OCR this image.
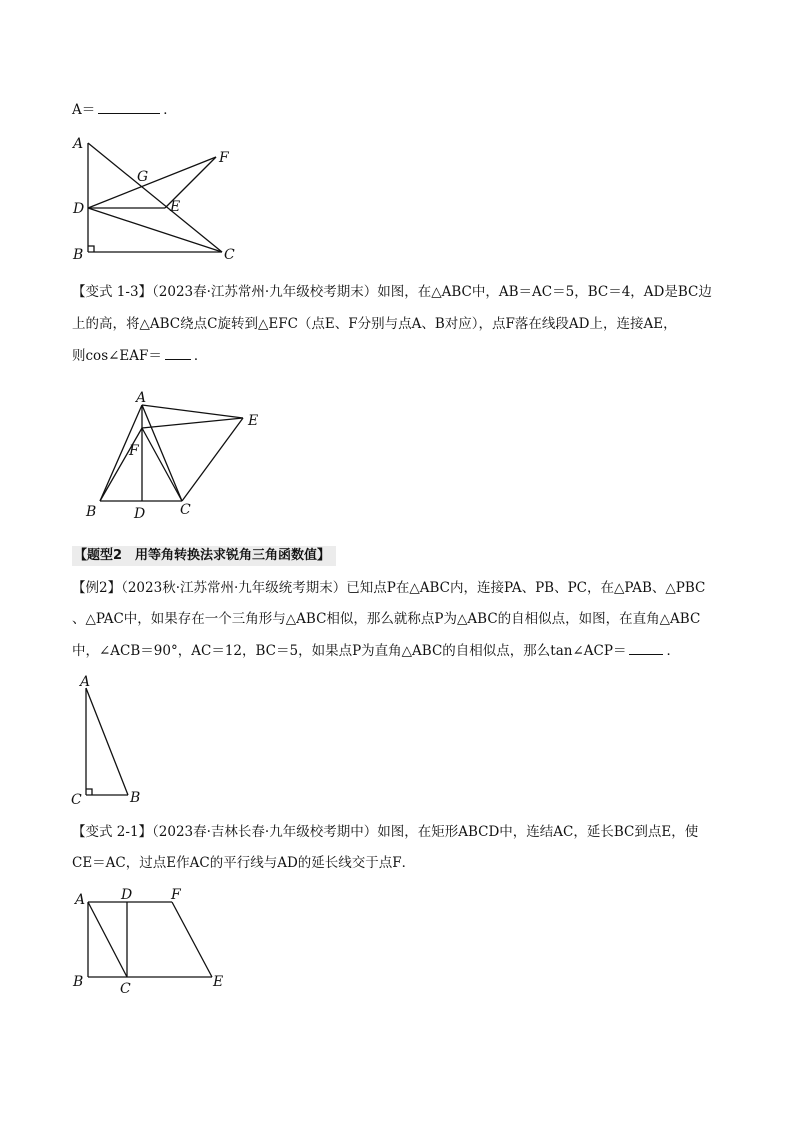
A＝	．
A
B	C
D	E
F
G
【变式 1-3】（2023春·江苏常州·九年级校考期末）如图，在△ABC中，AB＝AC＝5，BC＝4，AD是BC边
上的高，将△ABC绕点C旋转到△EFC（点E、F分别与点A、B对应），点F落在线段AD上，连接AE，
则cos∠EAF＝ ．
A
B	C
D
E
F
【题型2　用等角转换法求锐角三角函数值】
【例2】（2023秋·江苏常州·九年级统考期末）已知点P在△ABC内，连接PA、PB、PC，在△PAB、△PBC
、△PAC中，如果存在一个三角形与△ABC相似，那么就称点P为△ABC的自相似点，如图，在直角△ABC
中，∠ACB＝90°，AC＝12，BC＝5，如果点P为直角△ABC的自相似点，那么tan∠ACP＝	．
A
B
C
【变式 2-1】（2023春·吉林长春·九年级校考期中）如图，在矩形ABCD中，连结AC，延长BC到点E，使
CE＝AC，过点E作AC的平行线与AD的延长线交于点F．
A
B	C
D
E
F
